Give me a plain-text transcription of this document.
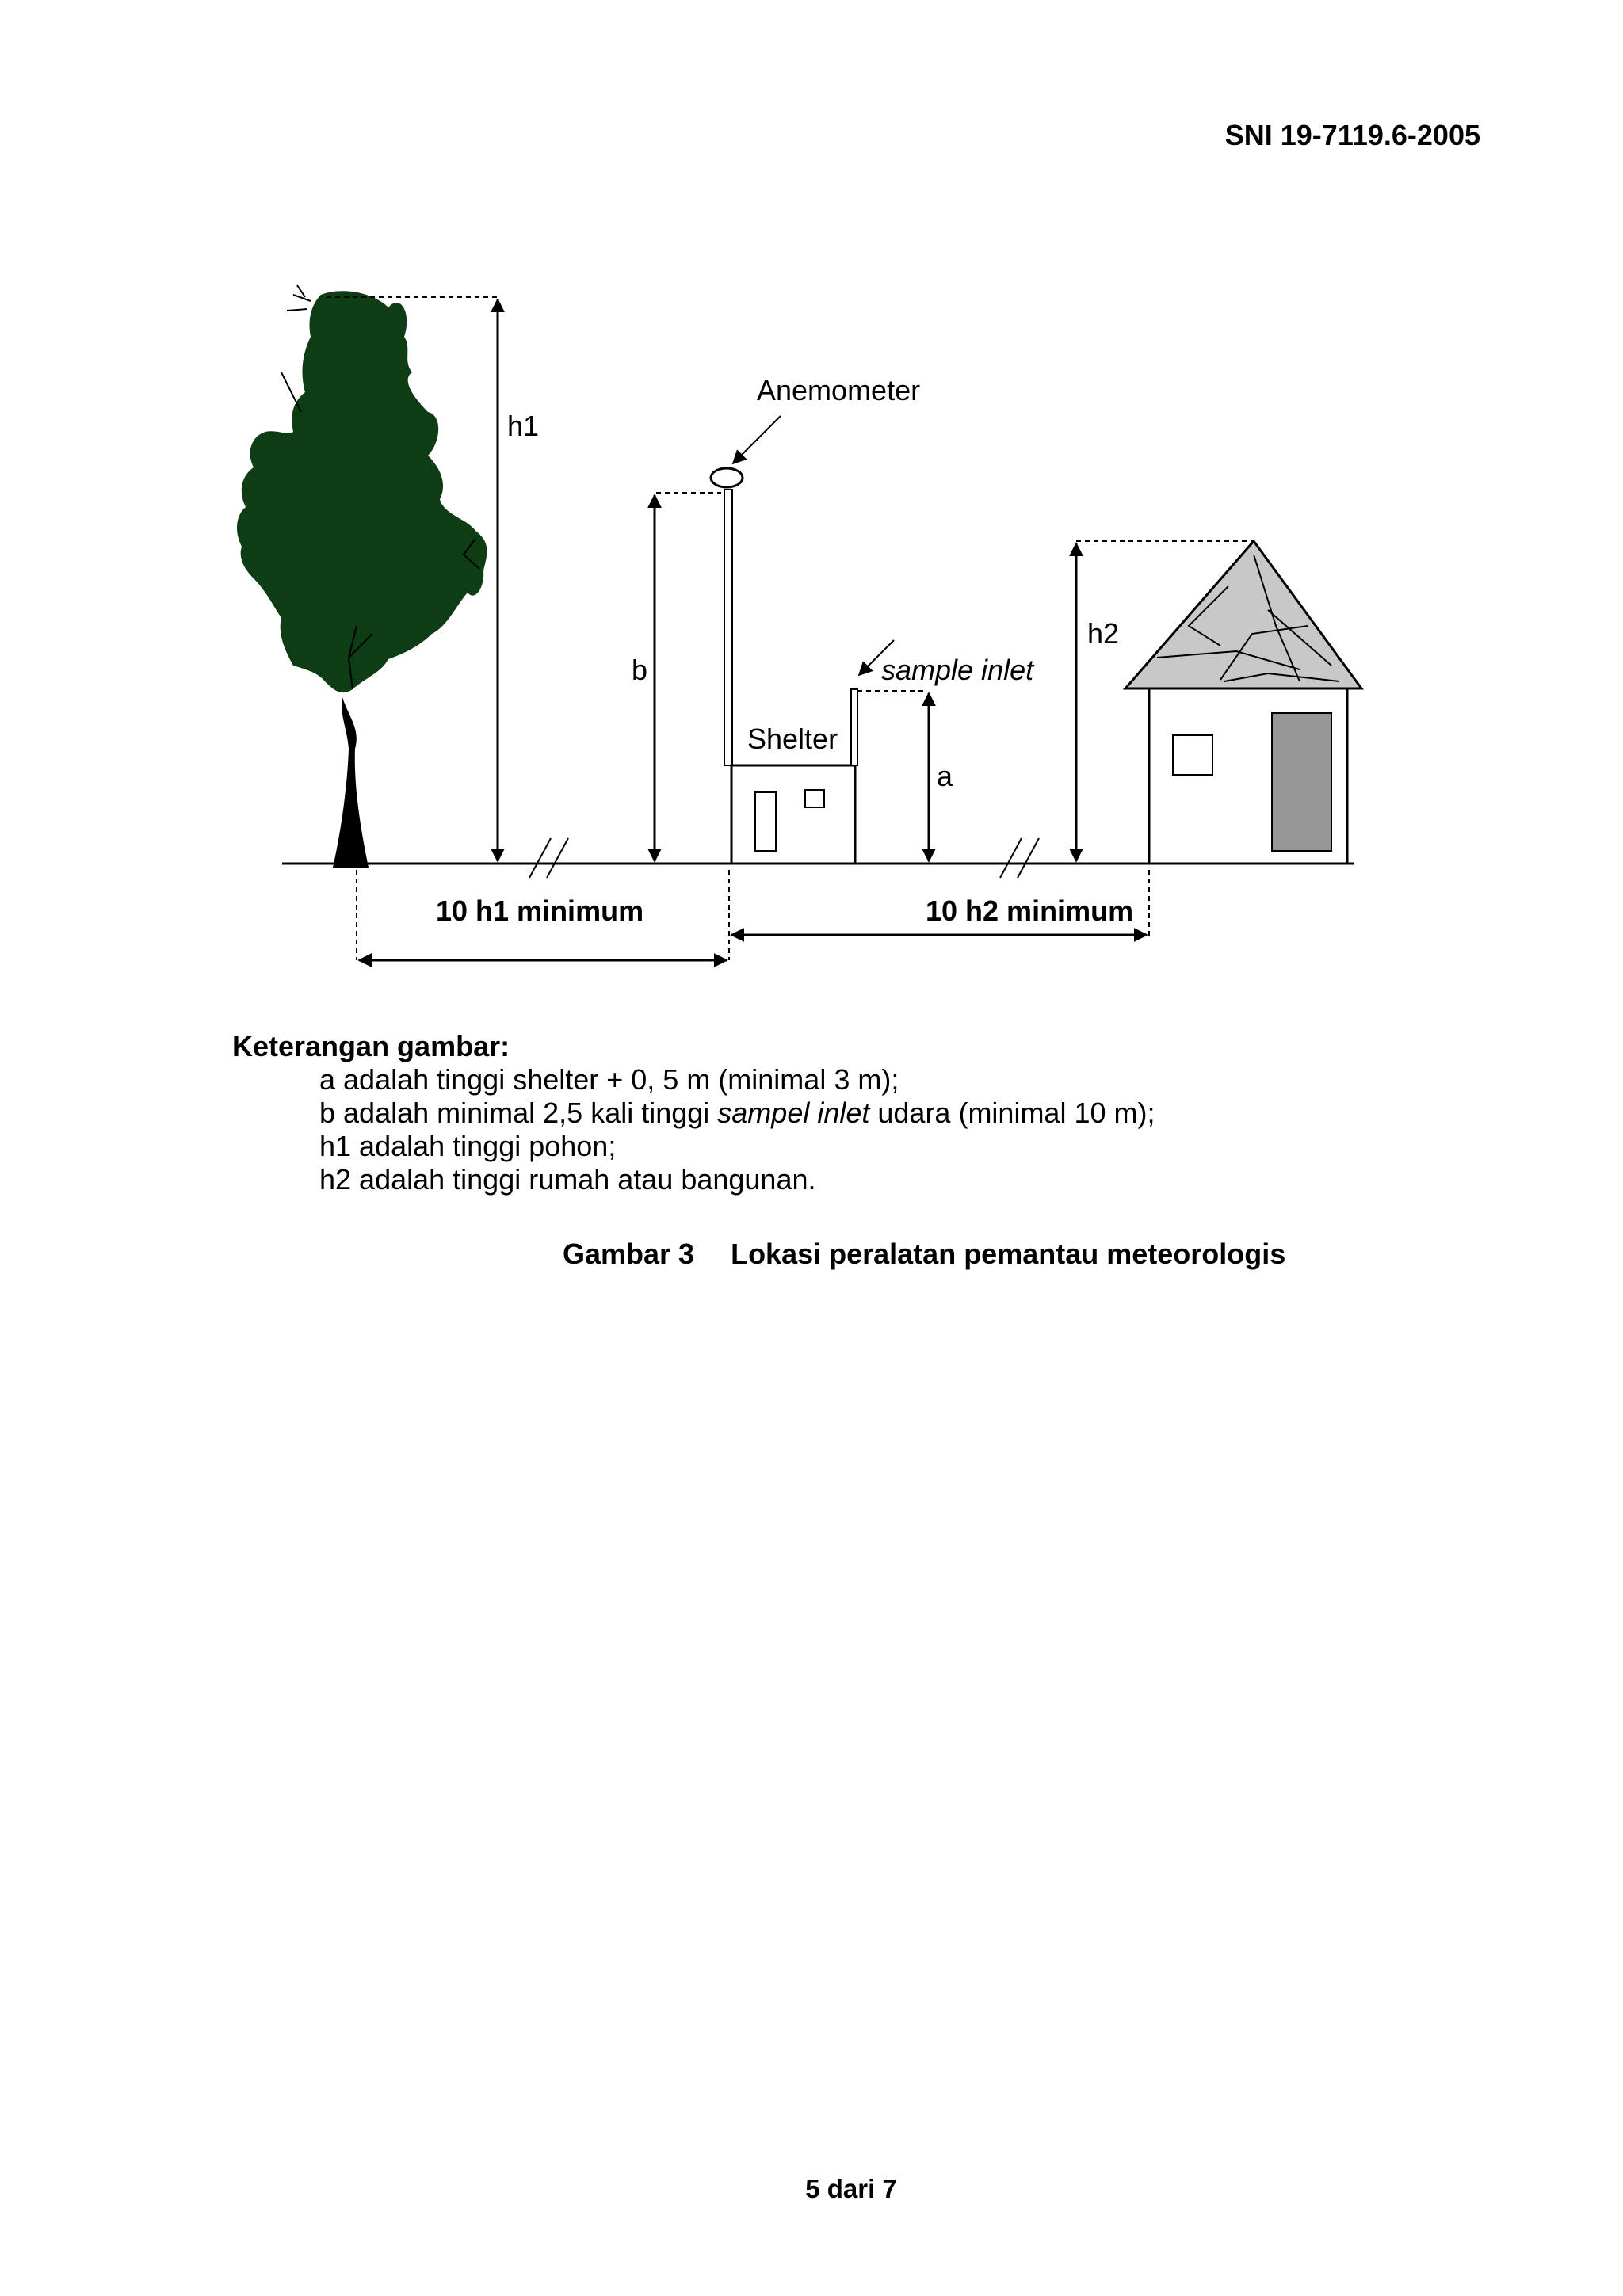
SNI 19-7119.6-2005
h1
b
Anemometer
Shelter
a
sample inlet
h2
10 h1 minimum	10 h2 minimum
Keterangan gambar:
a adalah tinggi shelter + 0, 5 m (minimal 3 m);
b adalah minimal 2,5 kali tinggi sampel inlet udara (minimal 10 m);
h1 adalah tinggi pohon;
h2 adalah tinggi rumah atau bangunan.
Gambar 3 Lokasi peralatan pemantau meteorologis
5 dari 7
